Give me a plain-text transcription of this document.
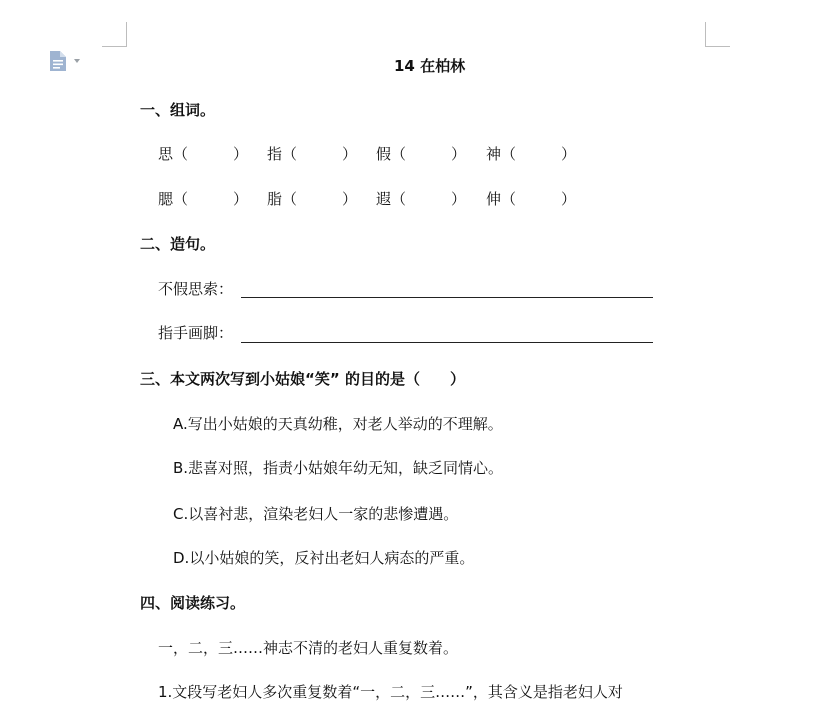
14 在柏林
一、组词。
思（	） 指（	） 假（	） 神（	）
腮（	） 脂（	） 遐（	） 伸（	）
二、造句。
不假思索：
指手画脚：
三、本文两次写到小姑娘“笑” 的目的是（　　）
A.写出小姑娘的天真幼稚，对老人举动的不理解。
B.悲喜对照，指责小姑娘年幼无知，缺乏同情心。
C.以喜衬悲，渲染老妇人一家的悲惨遭遇。
D.以小姑娘的笑，反衬出老妇人病态的严重。
四、阅读练习。
一，二，三……神志不清的老妇人重复数着。
1.文段写老妇人多次重复数着“一，二，三……”，其含义是指老妇人对
